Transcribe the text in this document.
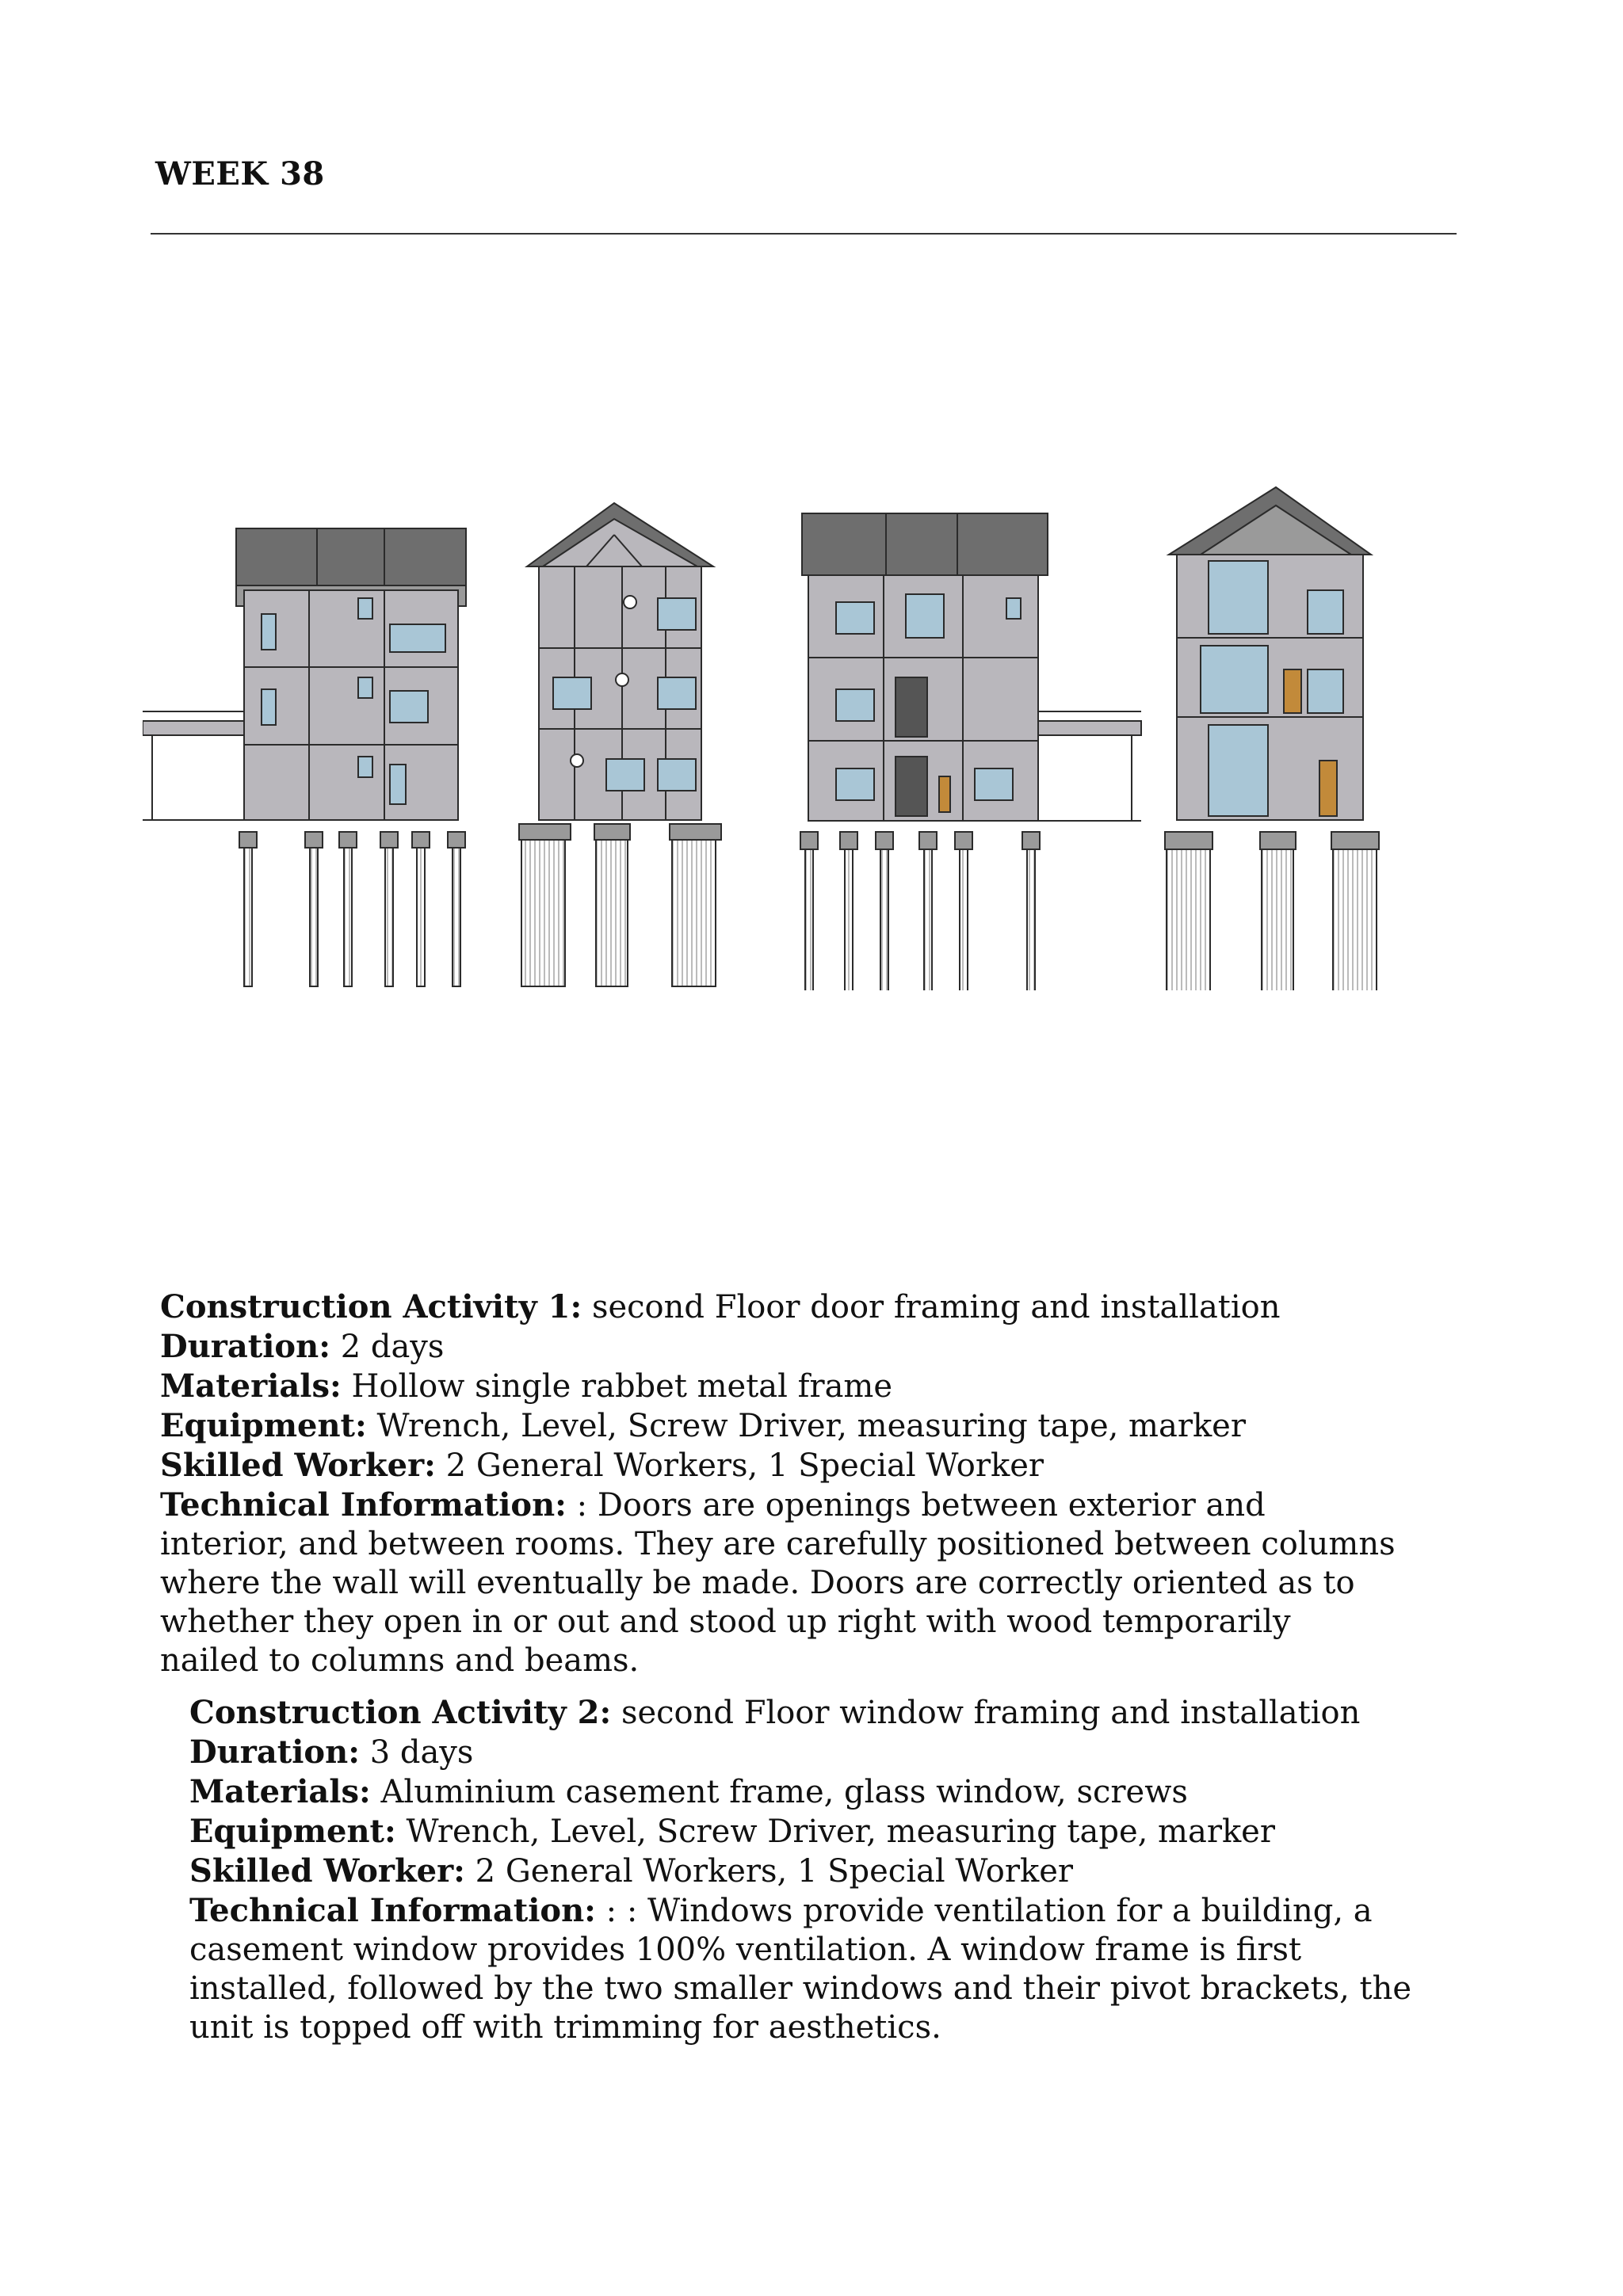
WEEK 38
Construction Activity 1: second Floor door framing and installation
Duration: 2 days
Materials: Hollow single rabbet metal frame
Equipment: Wrench, Level, Screw Driver, measuring tape, marker
Skilled Worker: 2 General Workers, 1 Special Worker
Technical Information: : Doors are openings between exterior and interior, and between rooms. They are carefully positioned between columns where the wall will eventually be made. Doors are correctly oriented as to whether they open in or out and stood up right with wood temporarily nailed to columns and beams.
Construction Activity 2: second Floor window framing and installation
Duration: 3 days
Materials: Aluminium casement frame, glass window, screws
Equipment: Wrench, Level, Screw Driver, measuring tape, marker
Skilled Worker: 2 General Workers, 1 Special Worker
Technical Information: : : Windows provide ventilation for a building, a casement window provides 100% ventilation. A window frame is first installed, followed by the two smaller windows and their pivot brackets, the unit is topped off with trimming for aesthetics.
